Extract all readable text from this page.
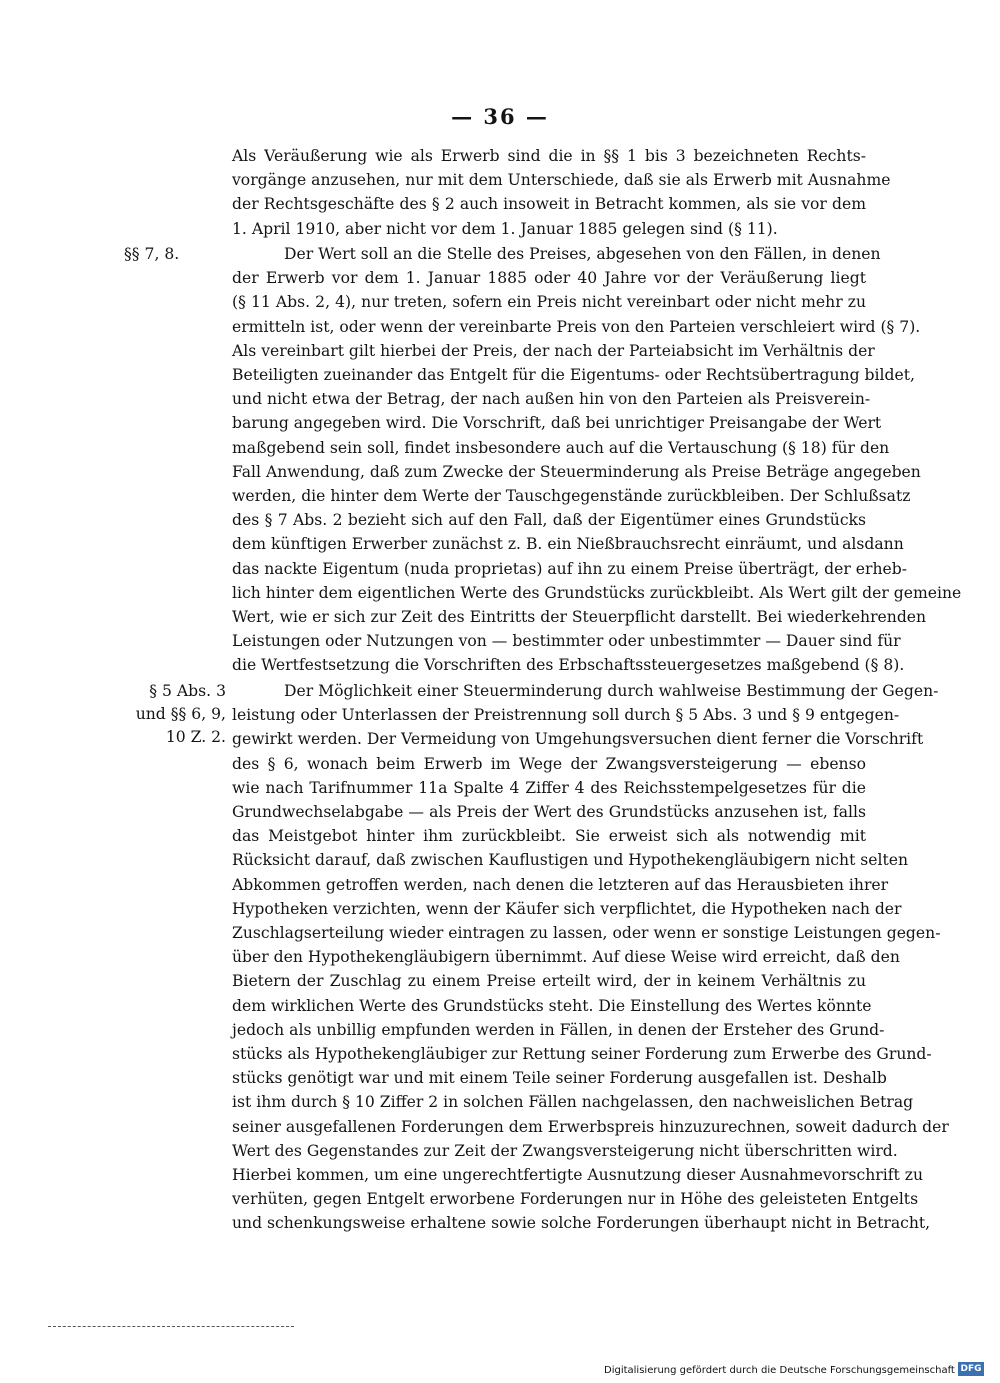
— 36 —
Als Veräußerung wie als Erwerb sind die in §§ 1 bis 3 bezeichneten Rechts-
vorgänge anzusehen, nur mit dem Unterschiede, daß sie als Erwerb mit Ausnahme
der Rechtsgeschäfte des § 2 auch insoweit in Betracht kommen, als sie vor dem
1. April 1910, aber nicht vor dem 1. Januar 1885 gelegen sind (§ 11).
Der Wert soll an die Stelle des Preises, abgesehen von den Fällen, in denen
der Erwerb vor dem 1. Januar 1885 oder 40 Jahre vor der Veräußerung liegt
(§ 11 Abs. 2, 4), nur treten, sofern ein Preis nicht vereinbart oder nicht mehr zu
ermitteln ist, oder wenn der vereinbarte Preis von den Parteien verschleiert wird (§ 7).
Als vereinbart gilt hierbei der Preis, der nach der Parteiabsicht im Verhältnis der
Beteiligten zueinander das Entgelt für die Eigentums- oder Rechtsübertragung bildet,
und nicht etwa der Betrag, der nach außen hin von den Parteien als Preisverein-
barung angegeben wird. Die Vorschrift, daß bei unrichtiger Preisangabe der Wert
maßgebend sein soll, findet insbesondere auch auf die Vertauschung (§ 18) für den
Fall Anwendung, daß zum Zwecke der Steuerminderung als Preise Beträge angegeben
werden, die hinter dem Werte der Tauschgegenstände zurückbleiben. Der Schlußsatz
des § 7 Abs. 2 bezieht sich auf den Fall, daß der Eigentümer eines Grundstücks
dem künftigen Erwerber zunächst z. B. ein Nießbrauchsrecht einräumt, und alsdann
das nackte Eigentum (nuda proprietas) auf ihn zu einem Preise überträgt, der erheb-
lich hinter dem eigentlichen Werte des Grundstücks zurückbleibt. Als Wert gilt der gemeine
Wert, wie er sich zur Zeit des Eintritts der Steuerpflicht darstellt. Bei wiederkehrenden
Leistungen oder Nutzungen von — bestimmter oder unbestimmter — Dauer sind für
die Wertfestsetzung die Vorschriften des Erbschaftssteuergesetzes maßgebend (§ 8).
Der Möglichkeit einer Steuerminderung durch wahlweise Bestimmung der Gegen-
leistung oder Unterlassen der Preistrennung soll durch § 5 Abs. 3 und § 9 entgegen-
gewirkt werden. Der Vermeidung von Umgehungsversuchen dient ferner die Vorschrift
des § 6, wonach beim Erwerb im Wege der Zwangsversteigerung — ebenso
wie nach Tarifnummer 11a Spalte 4 Ziffer 4 des Reichsstempelgesetzes für die
Grundwechselabgabe — als Preis der Wert des Grundstücks anzusehen ist, falls
das Meistgebot hinter ihm zurückbleibt. Sie erweist sich als notwendig mit
Rücksicht darauf, daß zwischen Kauflustigen und Hypothekengläubigern nicht selten
Abkommen getroffen werden, nach denen die letzteren auf das Herausbieten ihrer
Hypotheken verzichten, wenn der Käufer sich verpflichtet, die Hypotheken nach der
Zuschlagserteilung wieder eintragen zu lassen, oder wenn er sonstige Leistungen gegen-
über den Hypothekengläubigern übernimmt. Auf diese Weise wird erreicht, daß den
Bietern der Zuschlag zu einem Preise erteilt wird, der in keinem Verhältnis zu
dem wirklichen Werte des Grundstücks steht. Die Einstellung des Wertes könnte
jedoch als unbillig empfunden werden in Fällen, in denen der Ersteher des Grund-
stücks als Hypothekengläubiger zur Rettung seiner Forderung zum Erwerbe des Grund-
stücks genötigt war und mit einem Teile seiner Forderung ausgefallen ist. Deshalb
ist ihm durch § 10 Ziffer 2 in solchen Fällen nachgelassen, den nachweislichen Betrag
seiner ausgefallenen Forderungen dem Erwerbspreis hinzuzurechnen, soweit dadurch der
Wert des Gegenstandes zur Zeit der Zwangsversteigerung nicht überschritten wird.
Hierbei kommen, um eine ungerechtfertigte Ausnutzung dieser Ausnahmevorschrift zu
verhüten, gegen Entgelt erworbene Forderungen nur in Höhe des geleisteten Entgelts
und schenkungsweise erhaltene sowie solche Forderungen überhaupt nicht in Betracht,
§§ 7, 8.
§ 5 Abs. 3
und §§ 6, 9,
10 Z. 2.
Digitalisierung gefördert durch die Deutsche Forschungsgemeinschaft DFG
